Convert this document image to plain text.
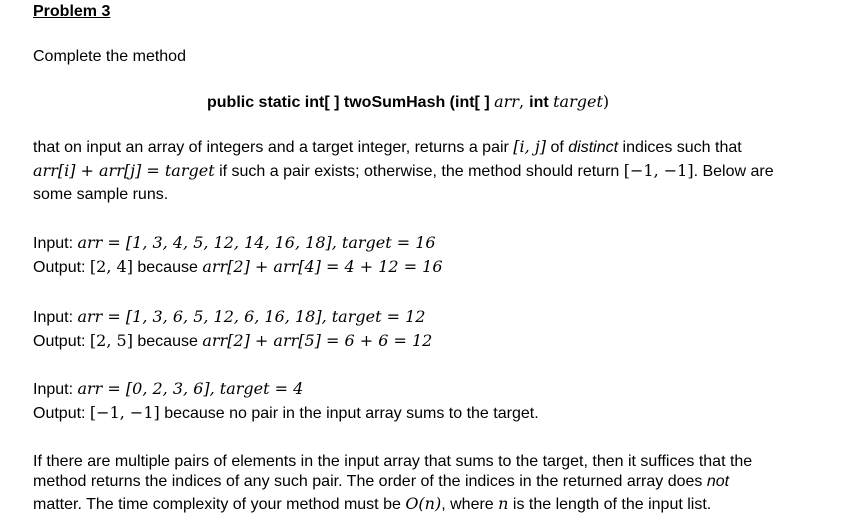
Problem 3
Complete the method
public static int[ ] twoSumHash (int[ ] arr, int target)
that on input an array of integers and a target integer, returns a pair [i, j] of distinct indices such that
arr[i] + arr[j] = target if such a pair exists; otherwise, the method should return [−1, −1]. Below are
some sample runs.
Input: arr = [1, 3, 4, 5, 12, 14, 16, 18], target = 16
Output: [2, 4] because arr[2] + arr[4] = 4 + 12 = 16
Input: arr = [1, 3, 6, 5, 12, 6, 16, 18], target = 12
Output: [2, 5] because arr[2] + arr[5] = 6 + 6 = 12
Input: arr = [0, 2, 3, 6], target = 4
Output: [−1, −1] because no pair in the input array sums to the target.
If there are multiple pairs of elements in the input array that sums to the target, then it suffices that the
method returns the indices of any such pair. The order of the indices in the returned array does not
matter. The time complexity of your method must be O(n), where n is the length of the input list.
